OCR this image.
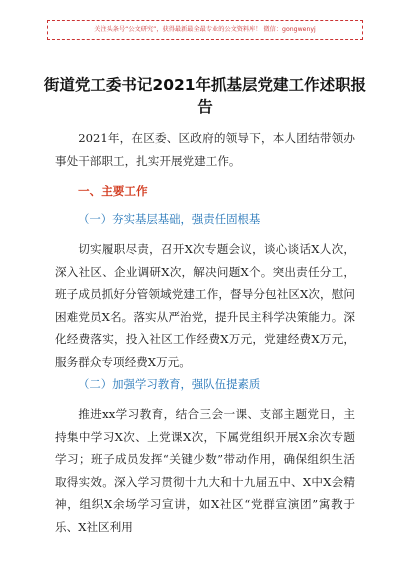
关注头条号“公文研究”，获得最新最全最专业的公文资料库！ 微信：gongwenyj
街道党工委书记2021年抓基层党建工作述职报告
2021年，在区委、区政府的领导下，本人团结带领办事处干部职工，扎实开展党建工作。
一、主要工作
（一）夯实基层基础，强责任固根基
切实履职尽责，召开X次专题会议，谈心谈话X人次，深入社区、企业调研X次，解决问题X个。突出责任分工，班子成员抓好分管领域党建工作，督导分包社区X次，慰问困难党员X名。落实从严治党，提升民主科学决策能力。深化经费落实，投入社区工作经费X万元，党建经费X万元，服务群众专项经费X万元。
（二）加强学习教育，强队伍提素质
推进xx学习教育，结合三会一课、支部主题党日，主持集中学习X次、上党课X次，下属党组织开展X余次专题学习；班子成员发挥“关键少数”带动作用，确保组织生活取得实效。深入学习贯彻十九大和十九届五中、X中X会精神，组织X余场学习宣讲，如X社区“党群宣演团”寓教于乐、X社区利用
